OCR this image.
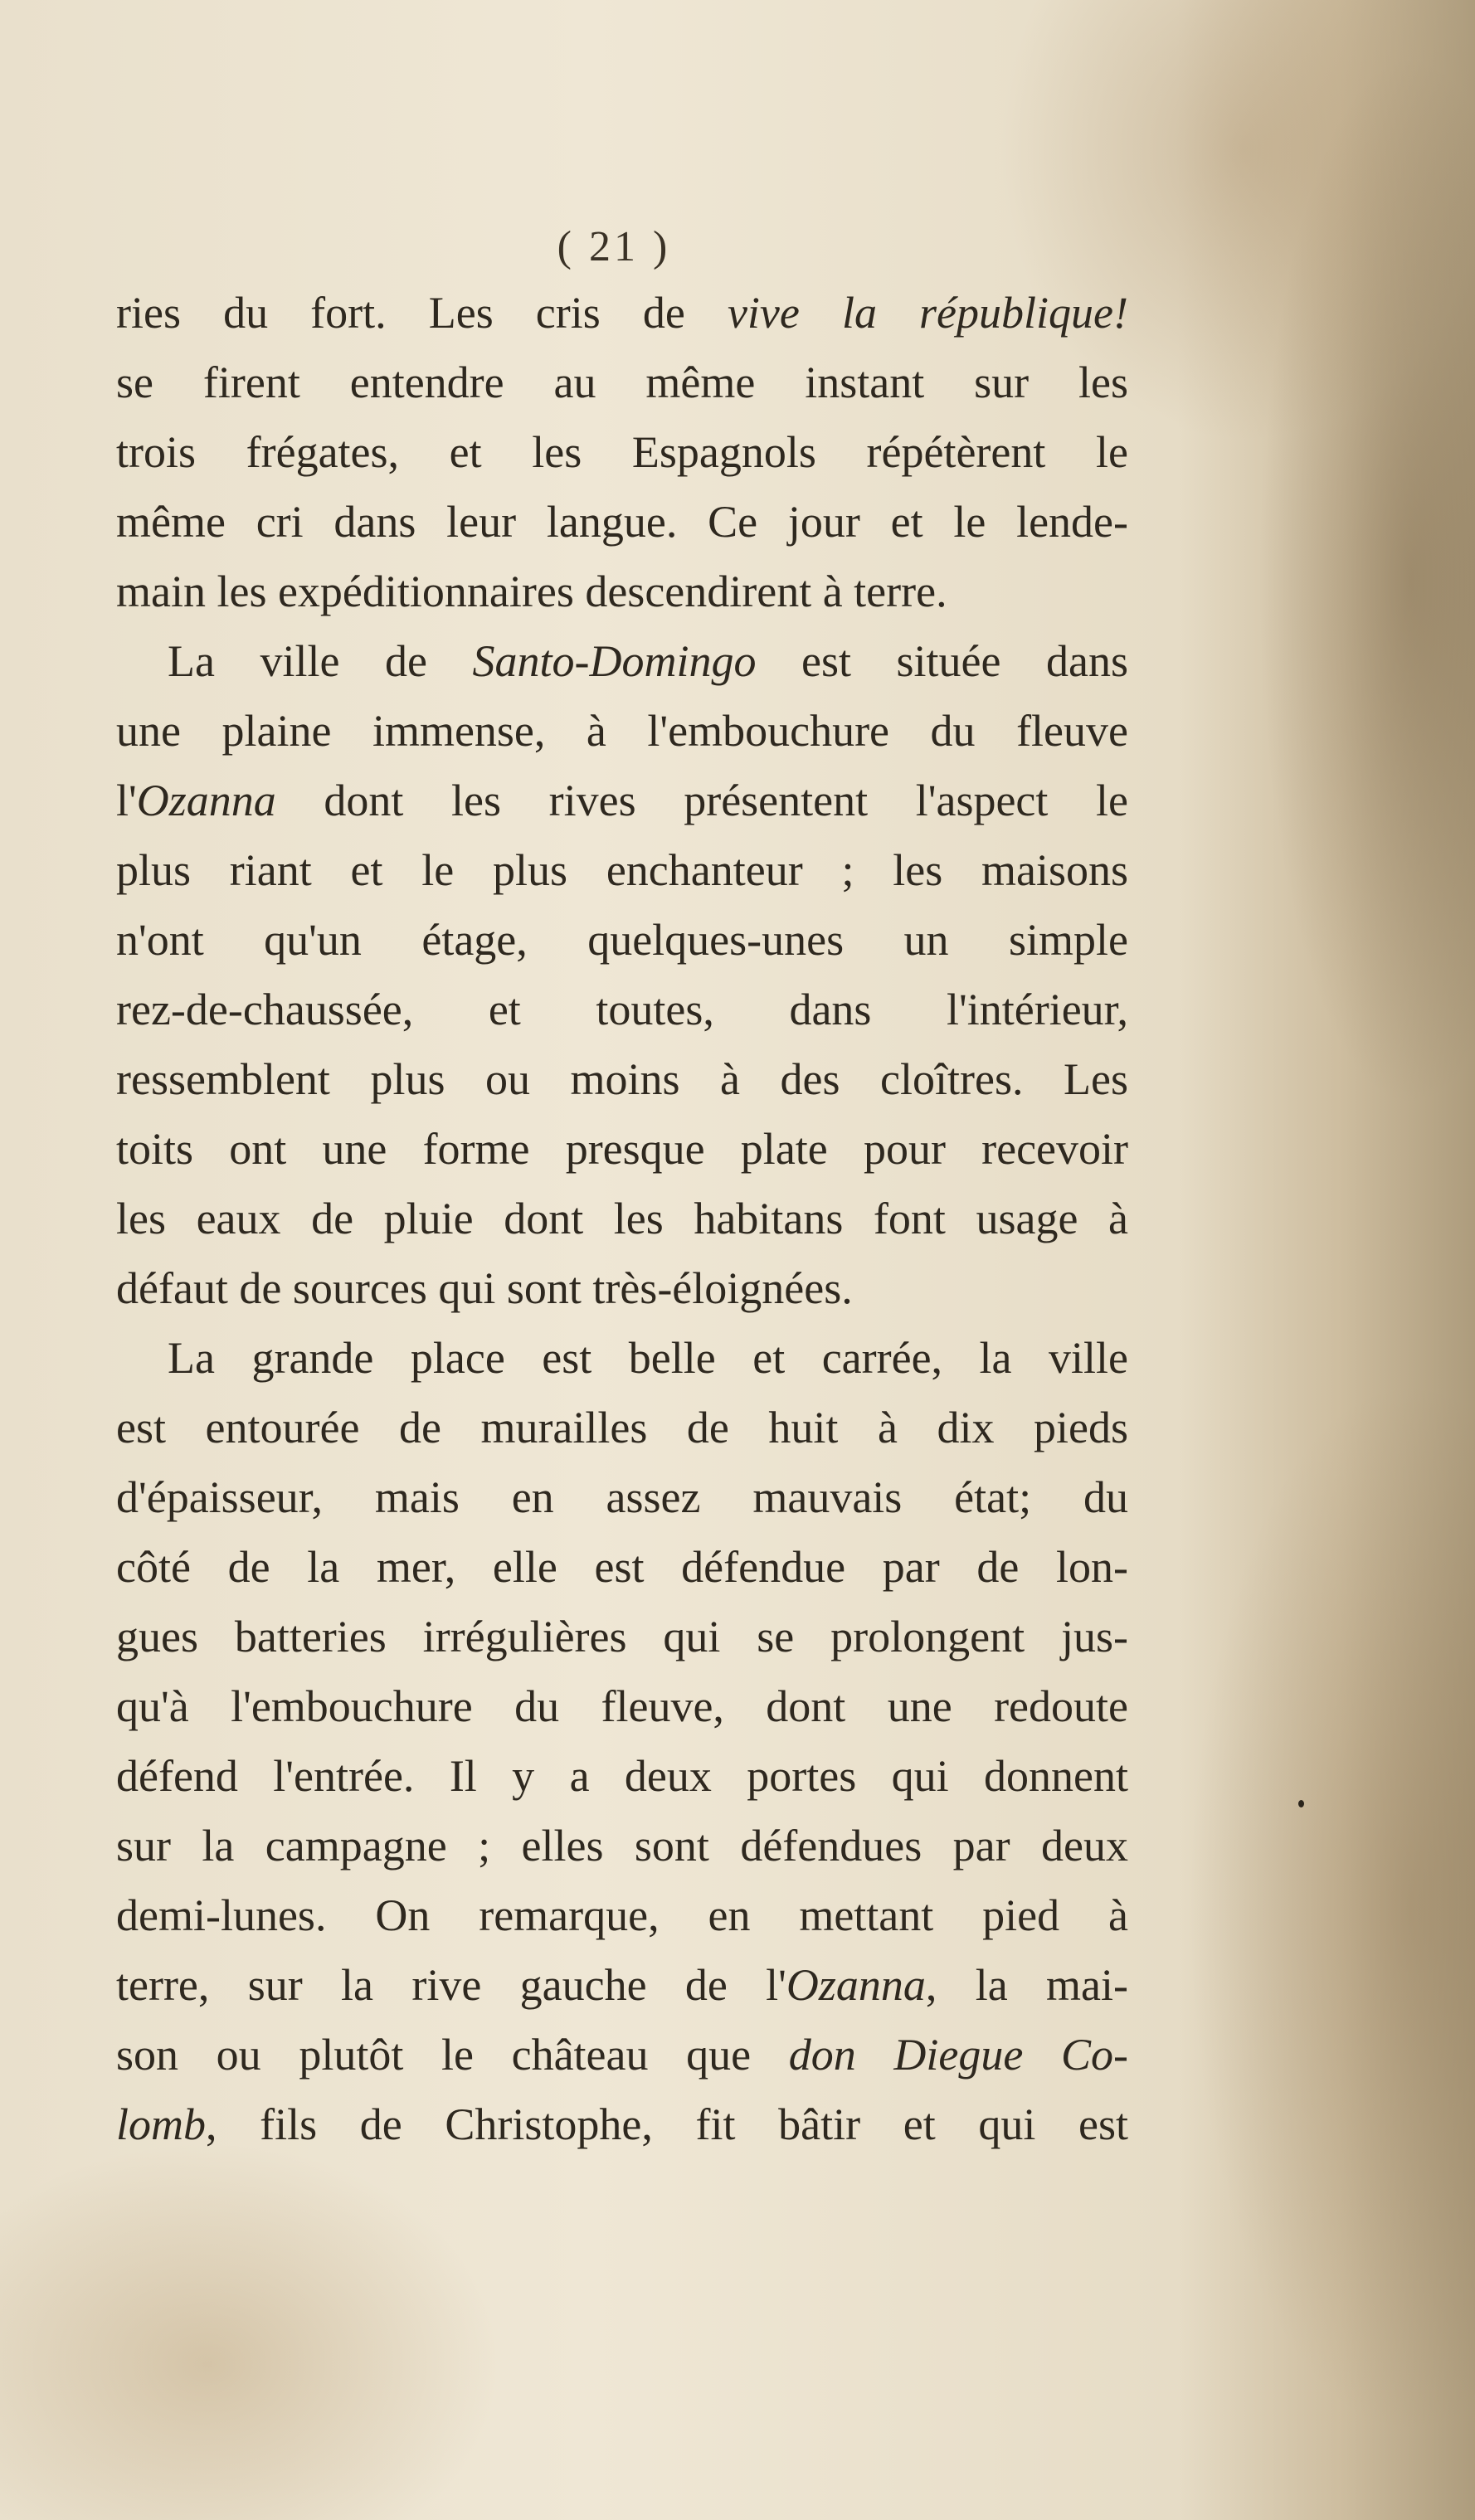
( 21 )
ries du fort. Les cris de vive la république!
se firent entendre au même instant sur les
trois frégates, et les Espagnols répétèrent le
même cri dans leur langue. Ce jour et le lende-
main les expéditionnaires descendirent à terre.
La ville de Santo-Domingo est située dans
une plaine immense, à l'embouchure du fleuve
l'Ozanna dont les rives présentent l'aspect le
plus riant et le plus enchanteur ; les maisons
n'ont qu'un étage, quelques-unes un simple
rez-de-chaussée, et toutes, dans l'intérieur,
ressemblent plus ou moins à des cloîtres. Les
toits ont une forme presque plate pour recevoir
les eaux de pluie dont les habitans font usage à
défaut de sources qui sont très-éloignées.
La grande place est belle et carrée, la ville
est entourée de murailles de huit à dix pieds
d'épaisseur, mais en assez mauvais état; du
côté de la mer, elle est défendue par de lon-
gues batteries irrégulières qui se prolongent jus-
qu'à l'embouchure du fleuve, dont une redoute
défend l'entrée. Il y a deux portes qui donnent
sur la campagne ; elles sont défendues par deux
demi-lunes. On remarque, en mettant pied à
terre, sur la rive gauche de l'Ozanna, la mai-
son ou plutôt le château que don Diegue Co-
lomb, fils de Christophe, fit bâtir et qui est
